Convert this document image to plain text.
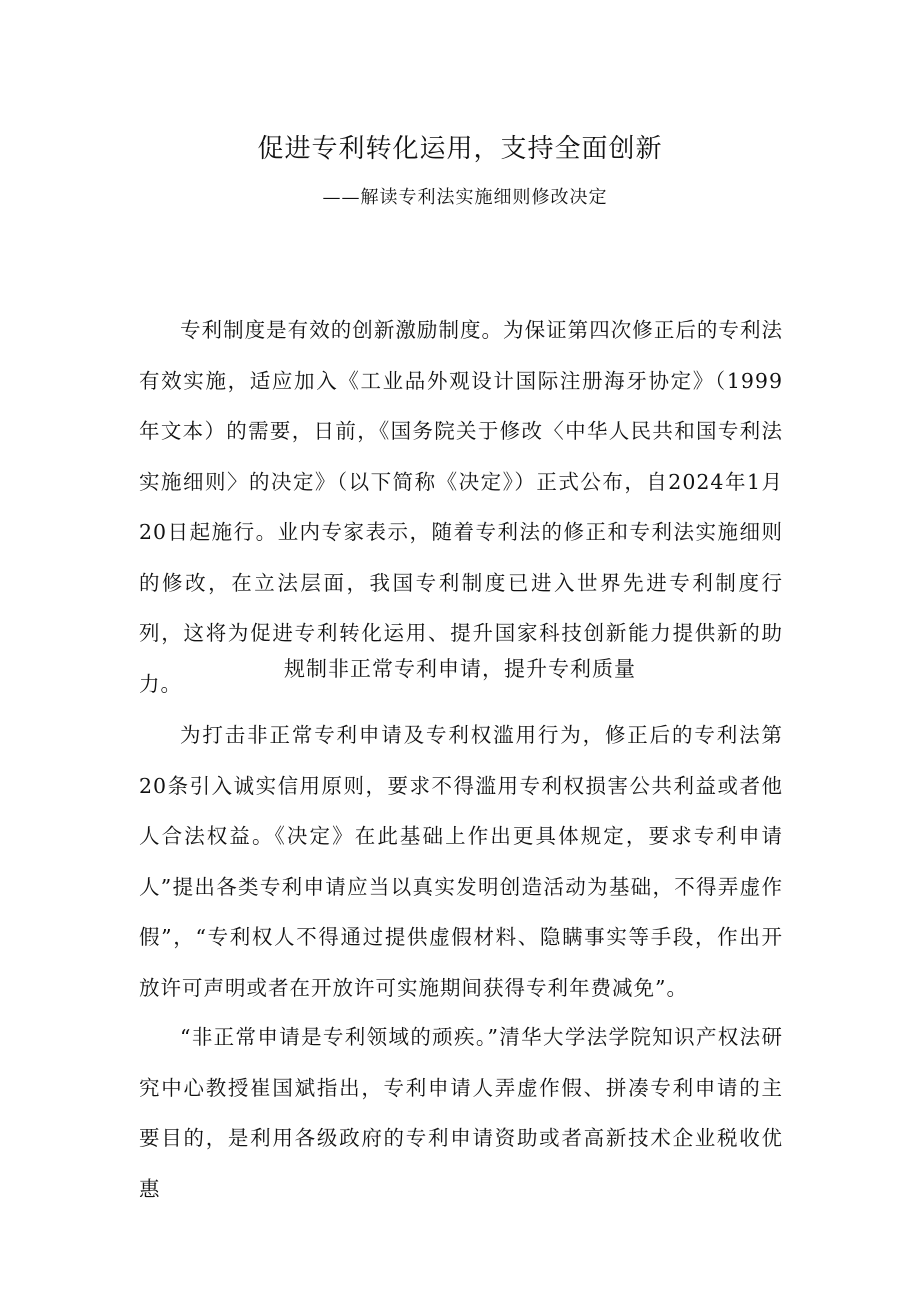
促进专利转化运用，支持全面创新
——解读专利法实施细则修改决定

专利制度是有效的创新激励制度。为保证第四次修正后的专利法有效实施，适应加入《工业品外观设计国际注册海牙协定》（1999年文本）的需要，日前，《国务院关于修改〈中华人民共和国专利法实施细则〉的决定》（以下简称《决定》）正式公布，自2024年1月20日起施行。业内专家表示，随着专利法的修正和专利法实施细则的修改，在立法层面，我国专利制度已进入世界先进专利制度行列，这将为促进专利转化运用、提升国家科技创新能力提供新的助力。

规制非正常专利申请，提升专利质量

为打击非正常专利申请及专利权滥用行为，修正后的专利法第20条引入诚实信用原则，要求不得滥用专利权损害公共利益或者他人合法权益。《决定》在此基础上作出更具体规定，要求专利申请人”提出各类专利申请应当以真实发明创造活动为基础，不得弄虚作假”，“专利权人不得通过提供虚假材料、隐瞒事实等手段，作出开放许可声明或者在开放许可实施期间获得专利年费减免”。

“非正常申请是专利领域的顽疾。”清华大学法学院知识产权法研究中心教授崔国斌指出，专利申请人弄虚作假、拼凑专利申请的主要目的，是利用各级政府的专利申请资助或者高新技术企业税收优惠
